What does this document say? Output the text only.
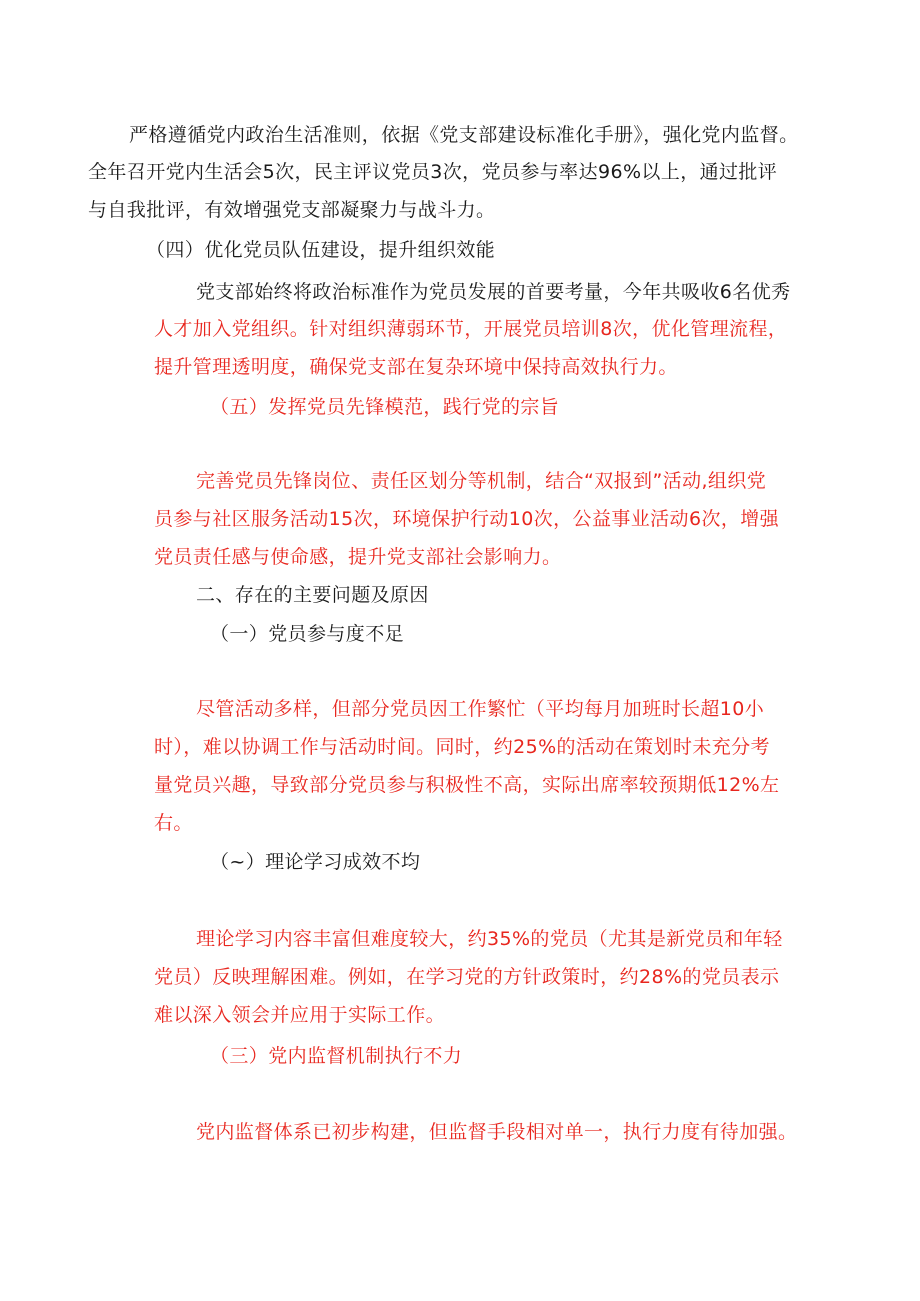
严格遵循党内政治生活准则，依据《党支部建设标准化手册》，强化党内监督。
全年召开党内生活会5次，民主评议党员3次，党员参与率达96%以上，通过批评
与自我批评，有效增强党支部凝聚力与战斗力。
（四）优化党员队伍建设，提升组织效能
党支部始终将政治标准作为党员发展的首要考量，今年共吸收6名优秀
人才加入党组织。针对组织薄弱环节，开展党员培训8次，优化管理流程，
提升管理透明度，确保党支部在复杂环境中保持高效执行力。
（五）发挥党员先锋模范，践行党的宗旨
完善党员先锋岗位、责任区划分等机制，结合“双报到”活动,组织党
员参与社区服务活动15次，环境保护行动10次，公益事业活动6次，增强
党员责任感与使命感，提升党支部社会影响力。
二、存在的主要问题及原因
（一）党员参与度不足
尽管活动多样，但部分党员因工作繁忙（平均每月加班时长超10小
时），难以协调工作与活动时间。同时，约25%的活动在策划时未充分考
量党员兴趣，导致部分党员参与积极性不高，实际出席率较预期低12%左
右。
（~）理论学习成效不均
理论学习内容丰富但难度较大，约35%的党员（尤其是新党员和年轻
党员）反映理解困难。例如，在学习党的方针政策时，约28%的党员表示
难以深入领会并应用于实际工作。
（三）党内监督机制执行不力
党内监督体系已初步构建，但监督手段相对单一，执行力度有待加强。
